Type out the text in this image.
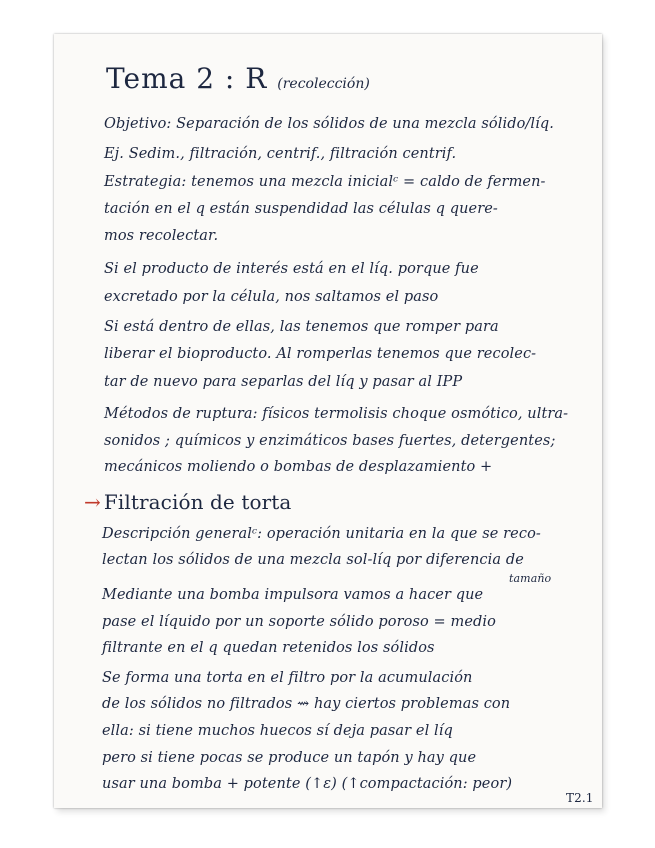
Tema 2 : R (recolección)
Objetivo: Separación de los sólidos de una mezcla sólido/líq.
Ej. Sedim., filtración, centrif., filtración centrif.
Estrategia: tenemos una mezcla inicialᶜ = caldo de fermen-
tación en el q están suspendidad las células q quere-
mos recolectar.
Si el producto de interés está en el líq. porque fue
excretado por la célula, nos saltamos el paso
Si está dentro de ellas, las tenemos que romper para
liberar el bioproducto. Al romperlas tenemos que recolec-
tar de nuevo para separlas del líq y pasar al IPP
Métodos de ruptura: físicos termolisis choque osmótico, ultra-
sonidos ; químicos y enzimáticos bases fuertes, detergentes;
mecánicos moliendo o bombas de desplazamiento +
→ Filtración de torta
Descripción generalᶜ: operación unitaria en la que se reco-
lectan los sólidos de una mezcla sol-líq por diferencia de
tamaño
Mediante una bomba impulsora vamos a hacer que
pase el líquido por un soporte sólido poroso = medio
filtrante en el q quedan retenidos los sólidos
Se forma una torta en el filtro por la acumulación
de los sólidos no filtrados ⇝ hay ciertos problemas con
ella: si tiene muchos huecos sí deja pasar el líq
pero si tiene pocas se produce un tapón y hay que
usar una bomba + potente (↑ε) (↑compactación: peor)
T2.1
